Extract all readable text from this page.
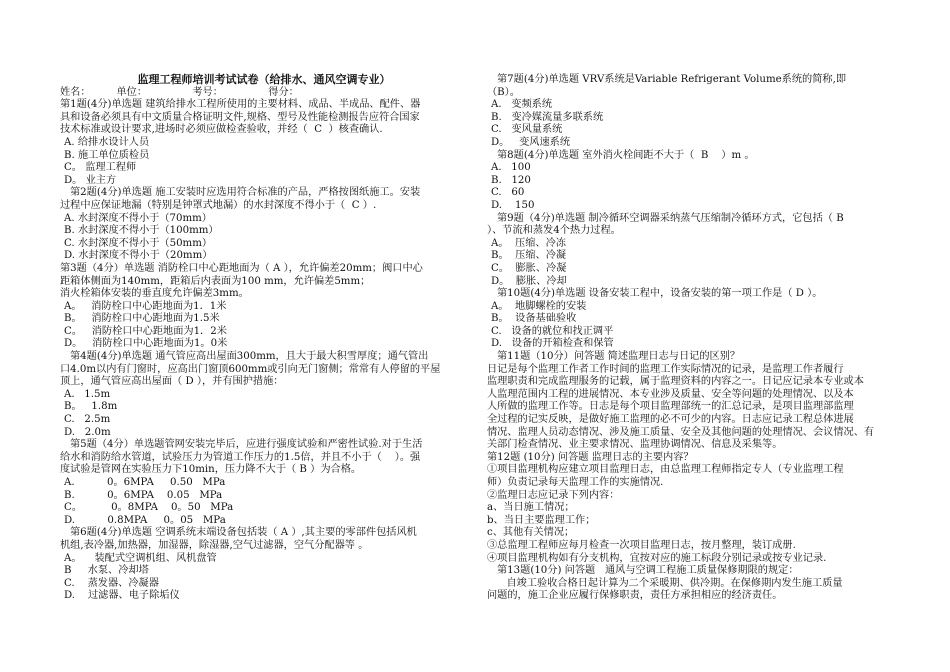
监理工程师培训考试试卷（给排水、通风空调专业）
姓名：        单位：              考号：              得分：
第1题(4分)单选题 建筑给排水工程所使用的主要材料、成品、半成品、配件、器
具和设备必须具有中文质量合格证明文件,规格、型号及性能检测报告应符合国家
技术标准或设计要求,进场时必须应做检查验收，并经（  C  ）核查确认.
A. 给排水设计人员
B. 施工单位质检员
C。 监理工程师
D。 业主方
第2题(4分)单选题 施工安装时应选用符合标准的产品，严格按图纸施工。安装
过程中应保证地漏（特别是钟罩式地漏）的水封深度不得小于（  C ）.
A. 水封深度不得小于（70mm）
B. 水封深度不得小于（100mm）
C. 水封深度不得小于（50mm）
D. 水封深度不得小于（20mm）
第3题（4分）单选题 消防栓口中心距地面为（ A ），允许偏差20mm；阀口中心
距箱体侧面为140mm，距箱后内表面为100 mm，允许偏差5mm；
消火栓箱体安装的垂直度允许偏差3mm。
A。   消防栓口中心距地面为1．1米
B。   消防栓口中心距地面为1.5米
C。   消防栓口中心距地面为1．2米
D。   消防栓口中心距地面为1。0米
第4题(4分)单选题 通气管应高出屋面300mm，且大于最大积雪厚度；通气管出
口4.0m以内有门窗时，应高出门窗顶600mm或引向无门窗侧；常常有人停留的平屋
顶上，通气管应高出屋面（ D ），并有围护措施：
A.   1.5m
B。   1.8m
C.   2.5m
D.   2.0m
第5题（4分）单选题管网安装完毕后，应进行强度试验和严密性试验.对于生活
给水和消防给水管道，试验压力为管道工作压力的1.5倍，并且不小于（    ）。强
度试验是管网在实验压力下10min，压力降不大于（ B ）为合格。
A.          0。6MPA     0.50   MPa
B.          0。6MPA    0.05   MPa
C。         0。8MPA    0。50   MPa
D.          0.8MPA     0。05   MPa
第6题(4分)单选题 空调系统末端设备包括装（ A ）,其主要的零部件包括风机
机组,表冷器,加热器，加湿器，除湿器,空气过滤器，空气分配器等 。
A。    装配式空调机组、风机盘管
B     水泵、冷却塔
C.    蒸发器、冷凝器
D.    过滤器、电子除垢仪
第7题(4分)单选题 VRV系统是Variable Refrigerant Volume系统的简称,即
（B）。
A.   变频系统
B.   变冷媒流量多联系统
C.   变风量系统
D。   变风速系统
第8题(4分)单选题 室外消火栓间距不大于（  B    ）m 。
A.   100
B.   120
C.   60
D.    150
第9题（4分)单选题 制冷循环空调器采纳蒸气压缩制冷循环方式，它包括（ B
）、节流和蒸发4个热力过程。
A。  压缩、冷冻
B。  压缩、冷凝
C。  膨胀、冷凝
D。  膨胀、冷却
第10题(4分)单选题 设备安装工程中，设备安装的第一项工作是（ D ）。
A。  地脚螺栓的安装
B。  设备基础验收
C.   设备的就位和找正调平
D.   设备的开箱检查和保管
第11题（10分）问答题 简述监理日志与日记的区别？
日记是每个监理工作者工作时间的监理工作实际情况的记录，是监理工作者履行
监理职责和完成监理服务的记载，属于监理资料的内容之一。日记应记录本专业或本
人监理范围内工程的进展情况、本专业涉及质量、安全等问题的处理情况、以及本
人所做的监理工作等。日志是每个项目监理部统一的汇总记录，是项目监理部监理
全过程的记实反映，是做好施工监理的必不可少的内容。日志应记录工程总体进展
情况、监理人员动态情况、涉及施工质量、安全及其他问题的处理情况、会议情况、有
关部门检查情况、业主要求情况、监理协调情况、信息及采集等。
第12题 (10分) 问答题 监理日志的主要内容？
①项目监理机构应建立项目监理日志，由总监理工程师指定专人（专业监理工程
师）负责记录每天监理工作的实施情况.
②监理日志应记录下列内容：
a、当日施工情况；
b、当日主要监理工作；
c、其他有关情况；
③总监理工程师应每月检查一次项目监理日志，按月整理，装订成册.
④项目监理机构如有分支机构，宜按对应的施工标段分别记录或按专业记录.
第13题(10分) 问答题   通风与空调工程施工质量保修期限的规定：
自竣工验收合格日起计算为二个采暖期、供冷期。在保修期内发生施工质量
问题的，施工企业应履行保修职责，责任方承担相应的经济责任。
